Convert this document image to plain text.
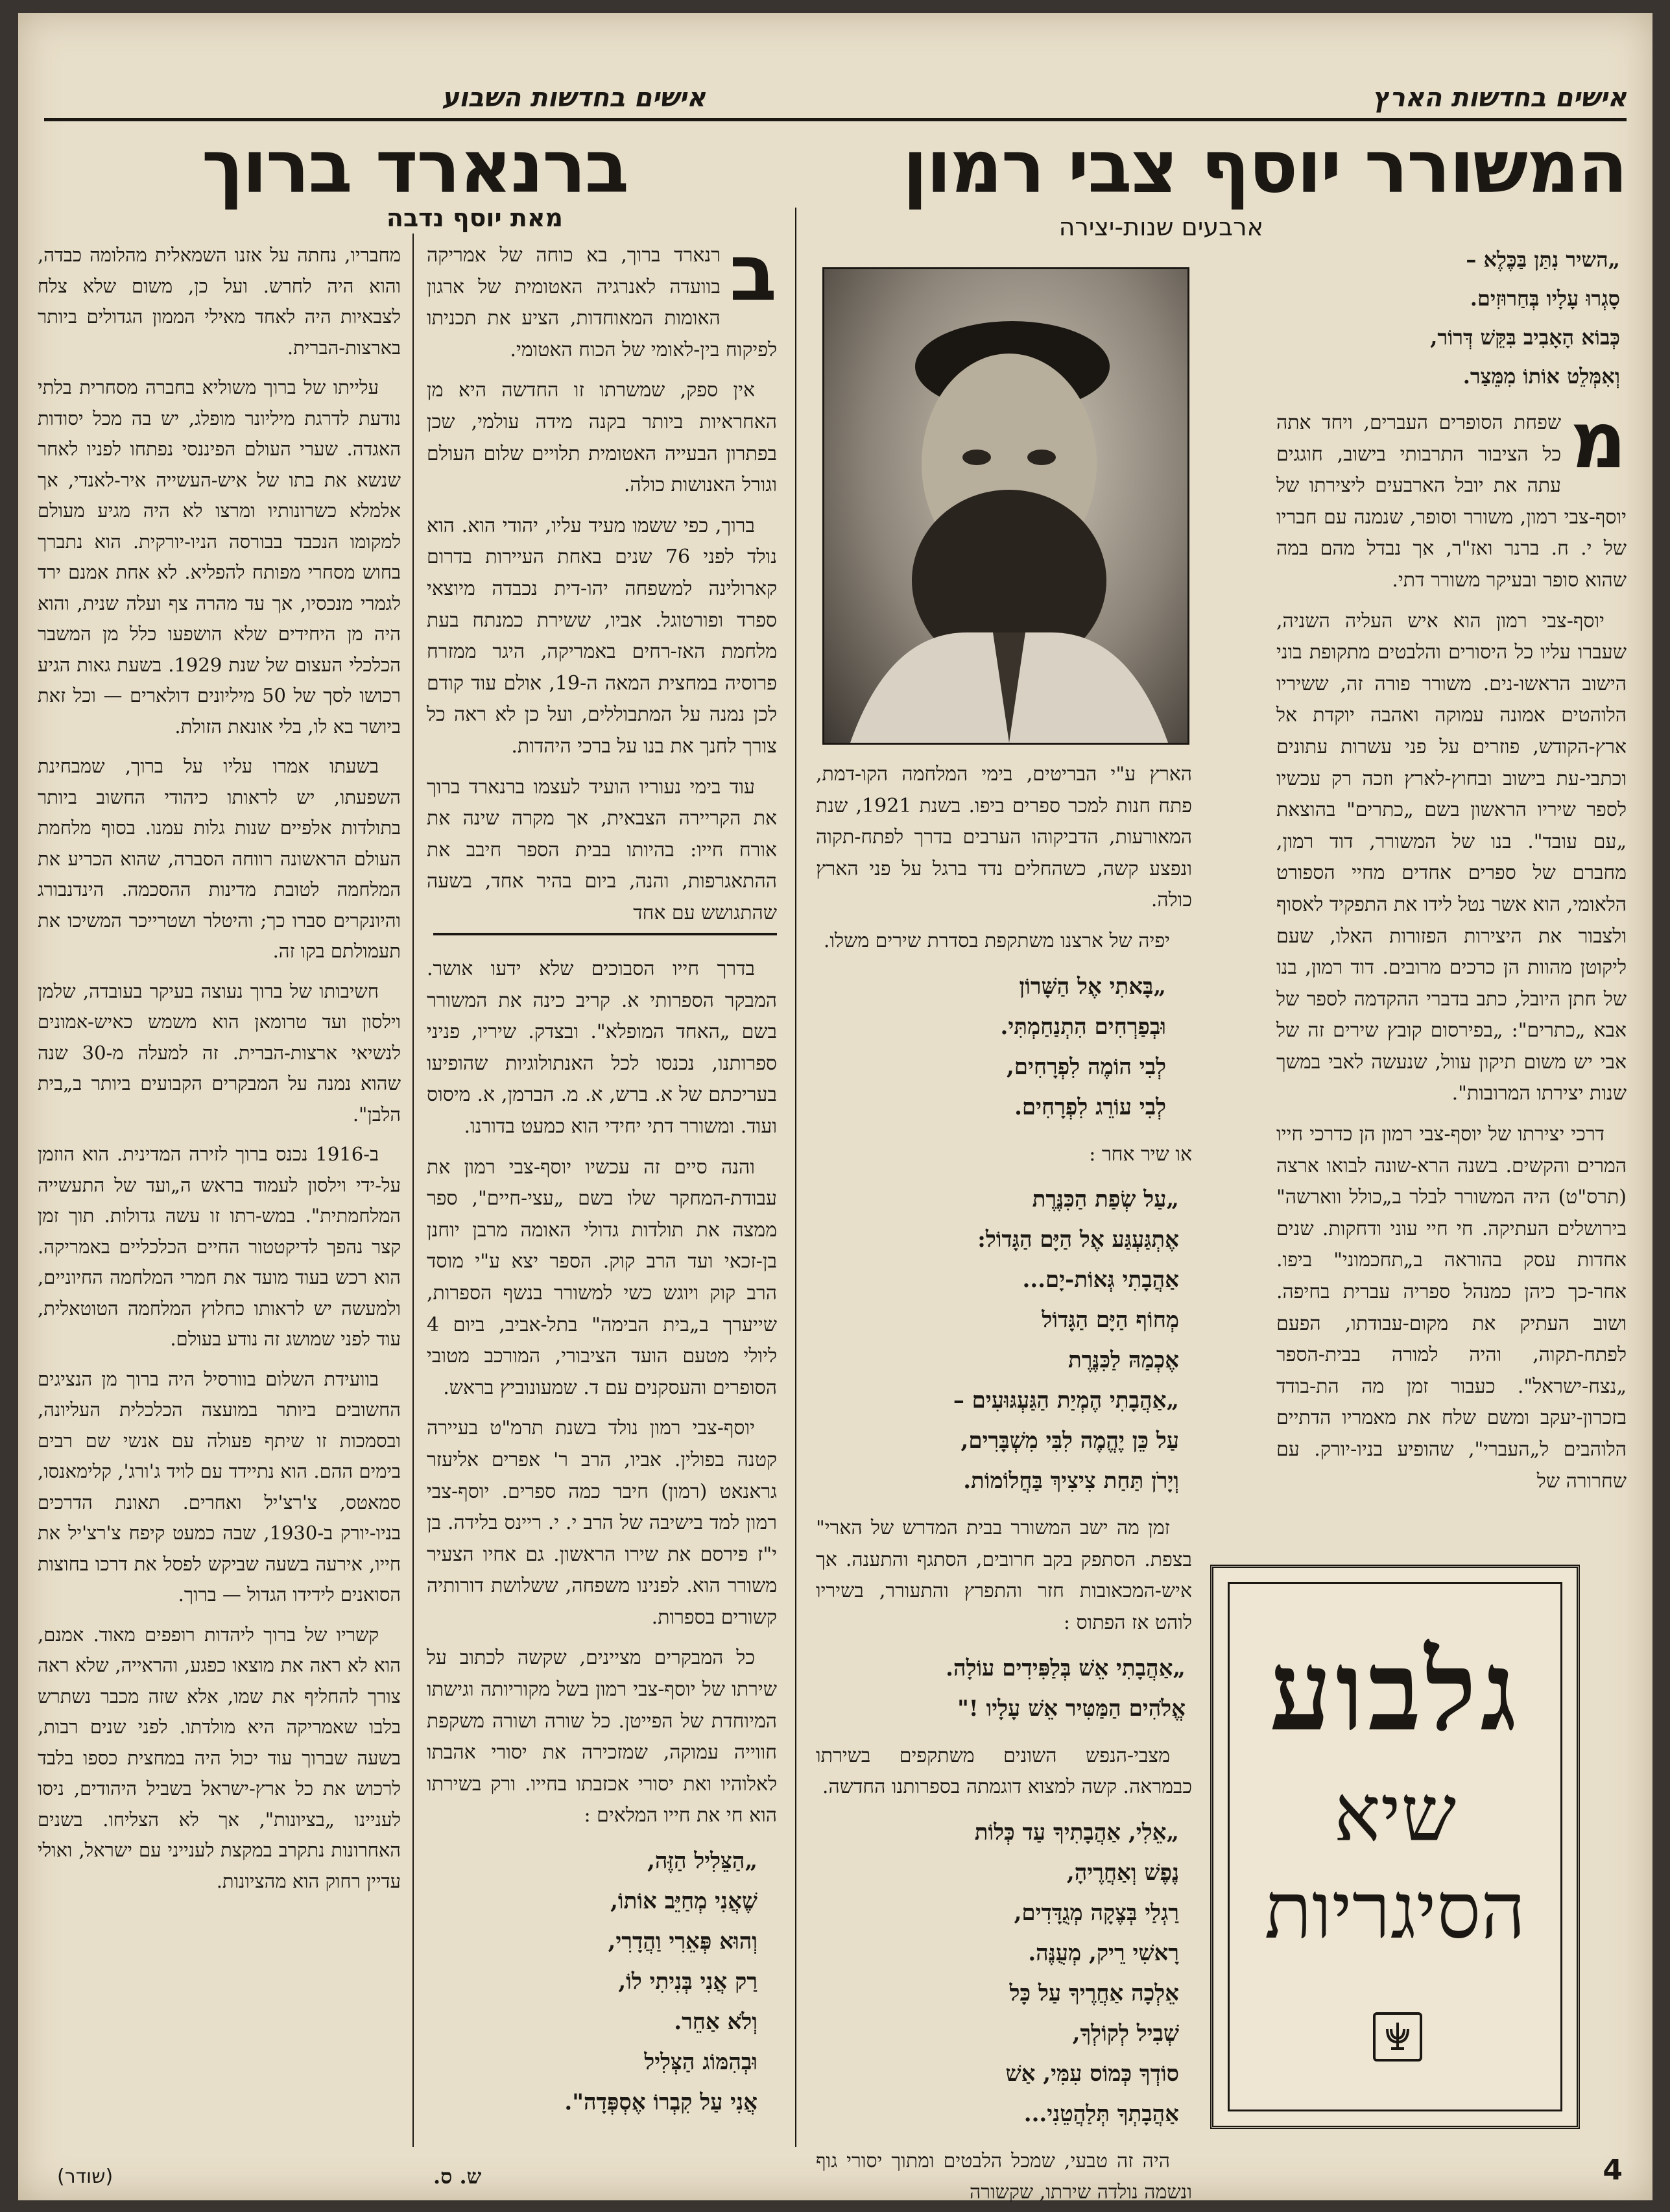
אישים בחדשות הארץ
אישים בחדשות השבוע
המשורר יוסף צבי רמון
ארבעים שנות-יצירה
ברנארד ברוך
מאת יוסף נדבה
„השיר נִתַּן בַּכֶּלֶא –
סָגְרוּ עָלָיו בְּחַרוּזִים.
כְּבוֹא הָאָבִיב בִּקֵּשׁ דְּרוֹר,
וְאִמְּלֵט אוֹתוֹ מִמֵּצַר.
מ

שפחת הסופרים העברים, ויחד אתה כל הציבור התרבותי בישוב, חוגגים עתה את יובל הארבעים ליצירתו של יוסף-צבי רמון, משורר וסופר, שנמנה עם חבריו של י. ח. ברנר ואז"ר, אך נבדל מהם במה שהוא סופר ובעיקר משורר דתי.

יוסף-צבי רמון הוא איש העליה השניה, שעברו עליו כל היסורים והלבטים מתקופת בוני הישוב הראשו-נים. משורר פורה זה, ששיריו הלוהטים אמונה עמוקה ואהבה יוקדת אל ארץ-הקודש, פוזרים על פני עשרות עתונים וכתבי-עת בישוב ובחוץ-לארץ וזכה רק עכשיו לספר שיריו הראשון בשם „כתרים" בהוצאת „עם עובד". בנו של המשורר, דוד רמון, מחברם של ספרים אחדים מחיי הספורט הלאומי, הוא אשר נטל לידו את התפקיד לאסוף ולצבור את היצירות הפזורות האלו, שעם ליקוטן מהוות הן כרכים מרובים. דוד רמון, בנו של חתן היובל, כתב בדברי ההקדמה לספר של אבא „כתרים": „בפירסום קובץ שירים זה של אבי יש משום תיקון עוול, שנעשה לאבי במשך שנות יצירתו המרובות".

דרכי יצירתו של יוסף-צבי רמון הן כדרכי חייו המרים והקשים. בשנה הרא-שונה לבואו ארצה (תרס"ט) היה המשורר לבלר ב„כולל ווארשה" בירושלים העתיקה. חי חיי עוני ודחקות. שנים אחדות עסק בהוראה ב„תחכמוני" ביפו. אחר-כך כיהן כמנהל ספריה עברית בחיפה. ושוב העתיק את מקום-עבודתו, הפעם לפתח-תקוה, והיה למורה בבית-הספר „נצח-ישראל". כעבור זמן מה הת-בודד בזכרון-יעקב ומשם שלח את מאמריו הדתיים הלוהבים ל„העברי", שהופיע בניו-יורק. עם שחרורה של

גלבוע
שיא
הסיגריות

הארץ ע"י הבריטים, בימי המלחמה הקו-דמת, פתח חנות למכר ספרים ביפו. בשנת 1921, שנת המאורעות, הדביקוהו הערבים בדרך לפתח-תקוה ונפצע קשה, כשהחלים נדד ברגל על פני הארץ כולה.

יפיה של ארצנו משתקפת בסדרת שירים משלו.

„בָּאתִי אֶל הַשָּׁרוֹן
וּבְפַרְחִים הִתְנַחַמְתִּי.
לְבִי הוֹמֶה לִפְרָחִים,
לְבִי עוֹרֵג לִפְרָחִים.

או שיר אחר :

„עַל שְׂפַת הַכִּנֶּרֶת
אֶתְגַּעְגַּע אֶל הַיָּם הַגָּדוֹל:
אַהֲבָתִי גְּאוֹת-יָם...
מְחוֹף הַיָּם הַגָּדוֹל
אֶכְמַהּ לַכִּנֶּרֶת
„אַהֲבָתִי הֶמְיַת הַגַּעְגּוּעִים –
עַל כֵּן יֶהֱמֶה לִבִּי מִשְׁבָּרִים,
וְיָרֹן תַּחַת צִיצִיךְ בַּחֲלוֹמוֹת.

זמן מה ישב המשורר בבית המדרש של הארי" בצפת. הסתפק בקב חרובים, הסתגף והתענה. אך איש-המכאובות חזר והתפרץ והתעורר, בשיריו לוהט אז הפתוס :

„אַהֲבָתִי אֵשׁ בְּלַפִּידִים עוֹלָה.
אֱלֹהִים הַמַּטִּיר אֵשׁ עָלָיו !"

מצבי-הנפש השונים משתקפים בשירתו כבמראה. קשה למצוא דוגמתה בספרותנו החדשה.

„אֵלִי, אַהֲבָתִיךָ עַד כְּלוֹת
נֶפֶשׁ וְאַחֲרֶיהָ,
רַגְלַי בְּצֶקָה מְגֻדָּדִים,
רָאשִׁי רֵיק, מְעֻנֶּה.
אֵלְכָה אַחֲרֶיךָ עַל כָּל
שְׁבִיל לְקוֹלְךָ,
סוֹדְךָ כְּמוֹס עִמִּי, אַשׁ
אַהֲבָתְךָ תְּלַהֲטֵנִי...

היה זה טבעי, שמכל הלבטים ומתוך יסורי גוף ונשמה נולדה שירתו, שקשורה

ב

רנארד ברוך, בא כוחה של אמריקה בוועדה לאנרגיה האטומית של ארגון האומות המאוחדות, הציע את תכניתו לפיקוח בין-לאומי של הכוח האטומי.

אין ספק, שמשרתו זו החדשה היא מן האחראיות ביותר בקנה מידה עולמי, שכן בפתרון הבעייה האטומית תלויים שלום העולם וגורל האנושות כולה.

ברוך, כפי ששמו מעיד עליו, יהודי הוא. הוא נולד לפני 76 שנים באחת העיירות בדרום קארולינה למשפחה יהו-דית נכבדה מיוצאי ספרד ופורטוגל. אביו, ששירת כמנתח בעת מלחמת האז-רחים באמריקה, היגר ממזרח פרוסיה במחצית המאה ה-19, אולם עוד קודם לכן נמנה על המתבוללים, ועל כן לא ראה כל צורך לחנך את בנו על ברכי היהדות.

עוד בימי נעוריו הועיד לעצמו ברנארד ברוך את הקריירה הצבאית, אך מקרה שינה את אורח חייו: בהיותו בבית הספר חיבב את ההתאגרפות, והנה, ביום בהיר אחד, בשעה שהתגושש עם אחד

בדרך חייו הסבוכים שלא ידעו אושר. המבקר הספרותי א. קריב כינה את המשורר בשם „האחד המופלא". ובצדק. שיריו, פניני ספרותנו, נכנסו לכל האנתולוגיות שהופיעו בעריכתם של א. ברש, א. מ. הברמן, א. מיסוס ועוד. ומשורר דתי יחידי הוא כמעט בדורנו.

והנה סיים זה עכשיו יוסף-צבי רמון את עבודת-המחקר שלו בשם „עצי-חיים", ספר ממצה את תולדות גדולי האומה מרבן יוחנן בן-זכאי ועד הרב קוק. הספר יצא ע"י מוסד הרב קוק ויוגש כשי למשורר בנשף הספרות, שייערך ב„בית הבימה" בתל-אביב, ביום 4 ליולי מטעם הועד הציבורי, המורכב מטובי הסופרים והעסקנים עם ד. שמעונוביץ בראש.

יוסף-צבי רמון נולד בשנת תרמ"ט בעיירה קטנה בפולין. אביו, הרב ר' אפרים אליעזר גראנאט (רמון) חיבר כמה ספרים. יוסף-צבי רמון למד בישיבה של הרב י. י. ריינס בלידה. בן י"ז פירסם את שירו הראשון. גם אחיו הצעיר משורר הוא. לפנינו משפחה, ששלושת דורותיה קשורים בספרות.

כל המבקרים מציינים, שקשה לכתוב על שירתו של יוסף-צבי רמון בשל מקוריותה וגישתו המיוחדת של הפייטן. כל שורה ושורה משקפת חווייה עמוקה, שמזכירה את יסורי אהבתו לאלוהיו ואת יסורי אכזבתו בחייו. ורק בשירתו הוא חי את חייו המלאים :

„הַצֵּלִיל הַזֶּה,
שֶׁאֲנִי מְחַיֵּב אוֹתוֹ,
וְהוּא פְּאֵרִי וַהֲדָרִי,
רַק אֲנִי בְּנִיתִי לוֹ,
וְלֹא אַחֵר.
וּבְהִמּוֹג הַצְּלִיל
אֲנִי עַל קִבְרוֹ אֶסְפְּדָה".

מחבריו, נחתה על אזנו השמאלית מהלומה כבדה, והוא היה לחרש. ועל כן, משום שלא צלח לצבאיות היה לאחד מאילי הממון הגדולים ביותר בארצות-הברית.

עלייתו של ברוך משוליא בחברה מסחרית בלתי נודעת לדרגת מיליונר מופלג, יש בה מכל יסודות האגדה. שערי העולם הפיננסי נפתחו לפניו לאחר שנשא את בתו של איש-העשייה איר-לאנדי, אך אלמלא כשרונותיו ומרצו לא היה מגיע מעולם למקומו הנכבד בבורסה הניו-יורקית. הוא נתברך בחוש מסחרי מפותח להפליא. לא אחת אמנם ירד לגמרי מנכסיו, אך עד מהרה צף ועלה שנית, והוא היה מן היחידים שלא הושפעו כלל מן המשבר הכלכלי העצום של שנת 1929. בשעת גאות הגיע רכושו לסך של 50 מיליונים דולארים — וכל זאת ביושר בא לו, בלי אונאת הזולת.

בשעתו אמרו עליו על ברוך, שמבחינת השפעתו, יש לראותו כיהודי החשוב ביותר בתולדות אלפיים שנות גלות עמנו. בסוף מלחמת העולם הראשונה רווחה הסברה, שהוא הכריע את המלחמה לטובת מדינות ההסכמה. הינדנבורג והיונקרים סברו כך; והיטלר ושטרייכר המשיכו את תעמולתם בקו זה.

חשיבותו של ברוך נעוצה בעיקר בעובדה, שלמן וילסון ועד טרומאן הוא משמש כאיש-אמונים לנשיאי ארצות-הברית. זה למעלה מ-30 שנה שהוא נמנה על המבקרים הקבועים ביותר ב„בית הלבן".

ב-1916 נכנס ברוך לזירה המדינית. הוא הוזמן על-ידי וילסון לעמוד בראש ה„ועד של התעשייה המלחמתית". במש-רתו זו עשה גדולות. תוך זמן קצר נהפך לדיקטטור החיים הכלכליים באמריקה. הוא רכש בעוד מועד את חמרי המלחמה החיוניים, ולמעשה יש לראותו כחלוץ המלחמה הטוטאלית, עוד לפני שמושג זה נודע בעולם.

בוועידת השלום בוורסיל היה ברוך מן הנציגים החשובים ביותר במועצה הכלכלית העליונה, ובסמכות זו שיתף פעולה עם אנשי שם רבים בימים ההם. הוא נתיידד עם לויד ג'ורג', קלימאנסו, סמאטס, צ'רצ'יל ואחרים. תאונת הדרכים בניו-יורק ב-1930, שבה כמעט קיפח צ'רצ'יל את חייו, אירעה בשעה שביקש לפסל את דרכו בחוצות הסואנים לידידו הגדול — ברוך.

קשריו של ברוך ליהדות רופפים מאוד. אמנם, הוא לא ראה את מוצאו כפגע, והראייה, שלא ראה צורך להחליף את שמו, אלא שזה מכבר נשתרש בלבו שאמריקה היא מולדתו. לפני שנים רבות, בשעה שברוך עוד יכול היה במחצית כספו בלבד לרכוש את כל ארץ-ישראל בשביל היהודים, ניסו לעניינו „בציונות", אך לא הצליחו. בשנים האחרונות נתקרב במקצת לענייני עם ישראל, ואולי עדיין רחוק הוא מהציונות.

ש. ס.
(שודר)	4
